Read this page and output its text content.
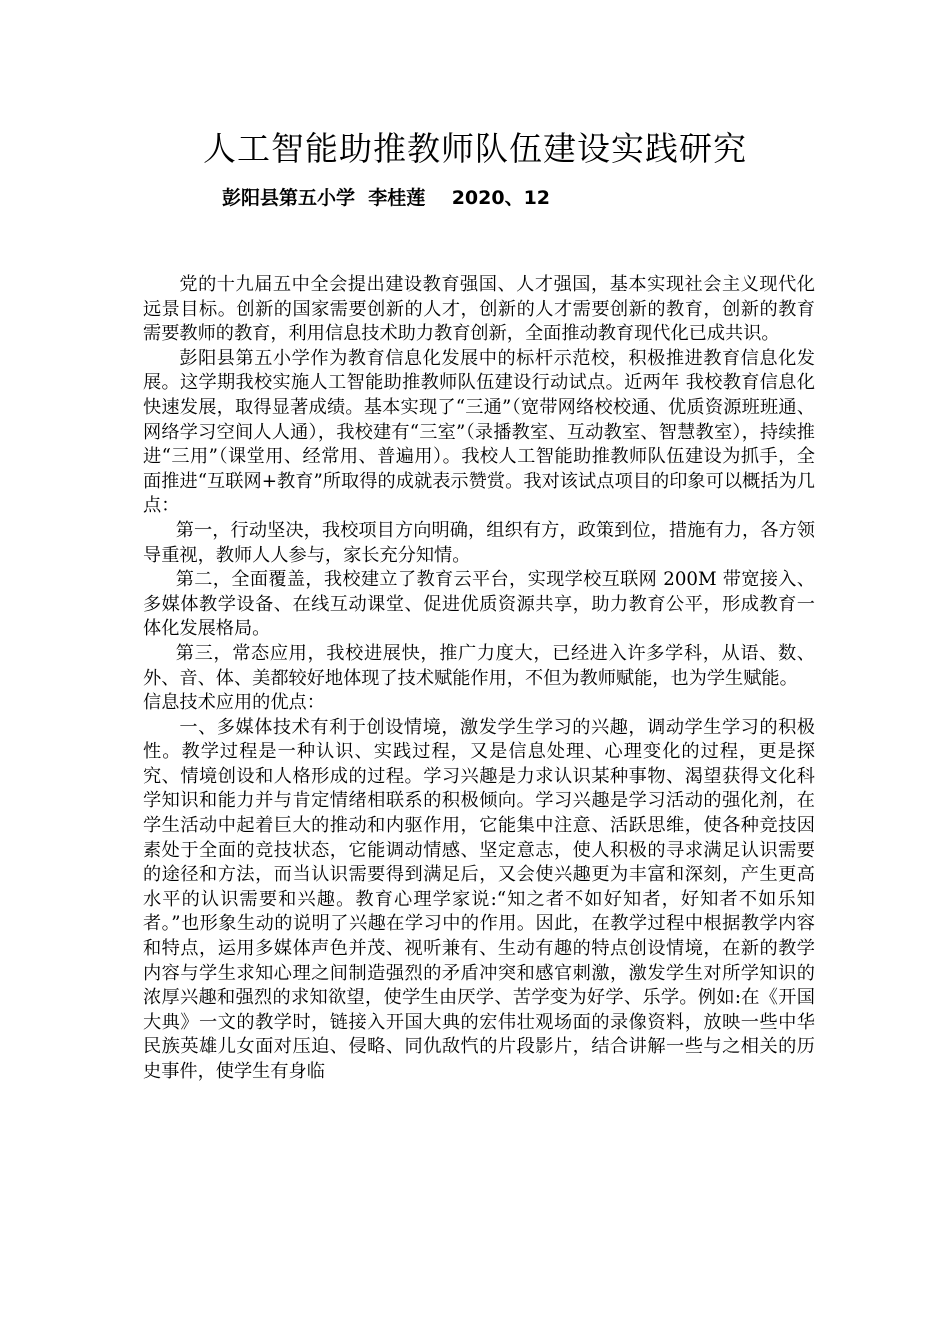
人工智能助推教师队伍建设实践研究
彭阳县第五小学  李桂莲    2020、12

党的十九届五中全会提出建设教育强国、人才强国，基本实现社会主义现代化远景目标。创新的国家需要创新的人才，创新的人才需要创新的教育，创新的教育需要教师的教育，利用信息技术助力教育创新，全面推动教育现代化已成共识。

彭阳县第五小学作为教育信息化发展中的标杆示范校，积极推进教育信息化发展。这学期我校实施人工智能助推教师队伍建设行动试点。近两年 我校教育信息化快速发展，取得显著成绩。基本实现了“三通”（宽带网络校校通、优质资源班班通、网络学习空间人人通），我校建有“三室”（录播教室、互动教室、智慧教室），持续推进“三用”（课堂用、经常用、普遍用）。我校人工智能助推教师队伍建设为抓手，全面推进“互联网+教育”所取得的成就表示赞赏。我对该试点项目的印象可以概括为几点：

第一，行动坚决，我校项目方向明确，组织有方，政策到位，措施有力，各方领导重视，教师人人参与，家长充分知情。

第二，全面覆盖，我校建立了教育云平台，实现学校互联网 200M 带宽接入、多媒体教学设备、在线互动课堂、促进优质资源共享，助力教育公平，形成教育一体化发展格局。

第三，常态应用，我校进展快，推广力度大，已经进入许多学科，从语、数、外、音、体、美都较好地体现了技术赋能作用，不但为教师赋能，也为学生赋能。

信息技术应用的优点：

一、多媒体技术有利于创设情境，激发学生学习的兴趣，调动学生学习的积极性。教学过程是一种认识、实践过程，又是信息处理、心理变化的过程，更是探究、情境创设和人格形成的过程。学习兴趣是力求认识某种事物、渴望获得文化科学知识和能力并与肯定情绪相联系的积极倾向。学习兴趣是学习活动的强化剂，在学生活动中起着巨大的推动和内驱作用，它能集中注意、活跃思维，使各种竞技因素处于全面的竞技状态，它能调动情感、坚定意志，使人积极的寻求满足认识需要的途径和方法，而当认识需要得到满足后，又会使兴趣更为丰富和深刻，产生更高水平的认识需要和兴趣。教育心理学家说:“知之者不如好知者，好知者不如乐知者。”也形象生动的说明了兴趣在学习中的作用。因此，在教学过程中根据教学内容和特点，运用多媒体声色并茂、视听兼有、生动有趣的特点创设情境，在新的教学内容与学生求知心理之间制造强烈的矛盾冲突和感官刺激，激发学生对所学知识的浓厚兴趣和强烈的求知欲望，使学生由厌学、苦学变为好学、乐学。例如:在《开国大典》一文的教学时，链接入开国大典的宏伟壮观场面的录像资料，放映一些中华民族英雄儿女面对压迫、侵略、同仇敌忾的片段影片，结合讲解一些与之相关的历史事件，使学生有身临
